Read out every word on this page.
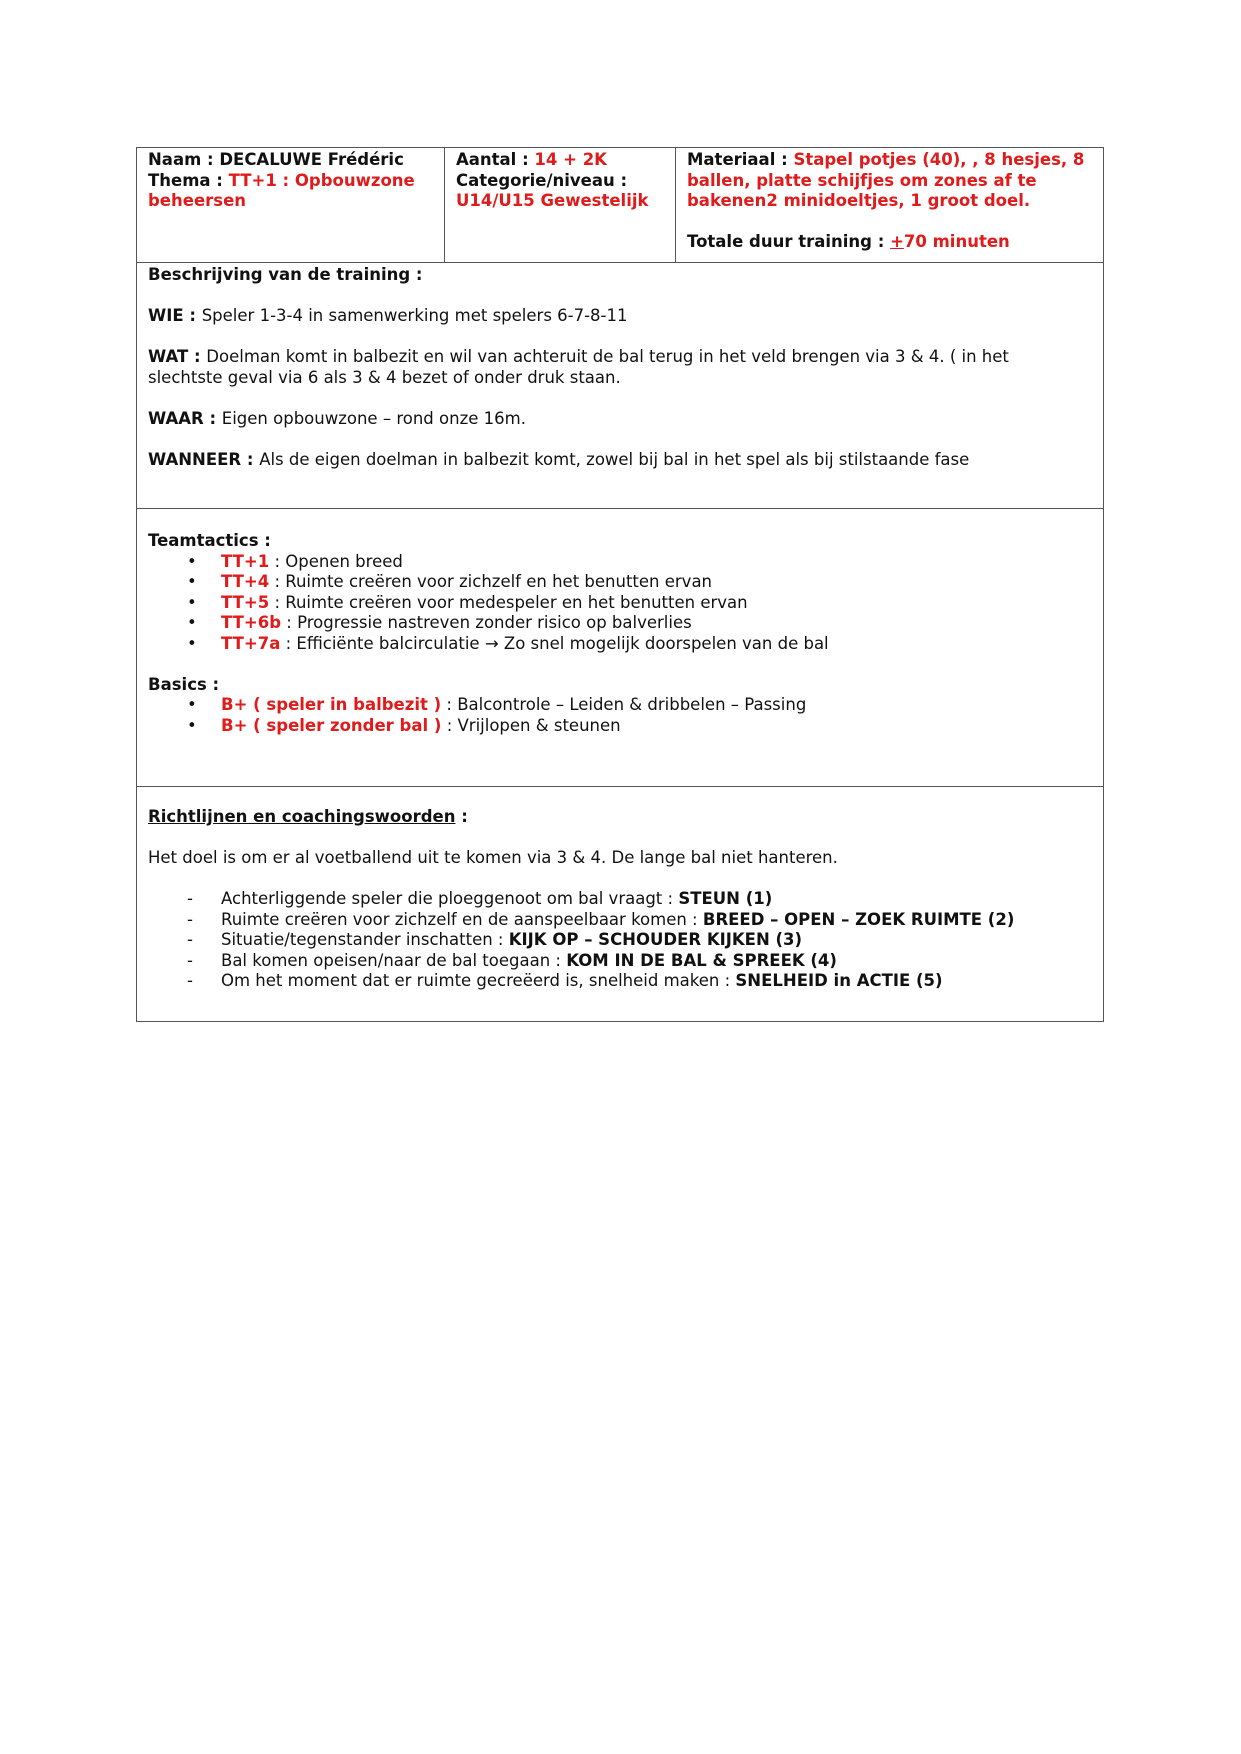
Naam : DECALUWE Frédéric
Thema : TT+1 : Opbouwzone
beheersen
Aantal : 14 + 2K
Categorie/niveau :
U14/U15 Gewestelijk
Materiaal : Stapel potjes (40), , 8 hesjes, 8
ballen, platte schijfjes om zones af te
bakenen2 minidoeltjes, 1 groot doel.
Totale duur training : +70 minuten
Beschrijving van de training :
WIE : Speler 1-3-4 in samenwerking met spelers 6-7-8-11
WAT : Doelman komt in balbezit en wil van achteruit de bal terug in het veld brengen via 3 & 4. ( in het
slechtste geval via 6 als 3 & 4 bezet of onder druk staan.
WAAR : Eigen opbouwzone – rond onze 16m.
WANNEER : Als de eigen doelman in balbezit komt, zowel bij bal in het spel als bij stilstaande fase
Teamtactics :
• TT+1 : Openen breed
• TT+4 : Ruimte creëren voor zichzelf en het benutten ervan
• TT+5 : Ruimte creëren voor medespeler en het benutten ervan
• TT+6b : Progressie nastreven zonder risico op balverlies
• TT+7a : Efficiënte balcirculatie → Zo snel mogelijk doorspelen van de bal
Basics :
• B+ ( speler in balbezit ) : Balcontrole – Leiden & dribbelen – Passing
• B+ ( speler zonder bal ) : Vrijlopen & steunen
Richtlijnen en coachingswoorden :
Het doel is om er al voetballend uit te komen via 3 & 4. De lange bal niet hanteren.
- Achterliggende speler die ploeggenoot om bal vraagt : STEUN (1)
- Ruimte creëren voor zichzelf en de aanspeelbaar komen : BREED – OPEN – ZOEK RUIMTE (2)
- Situatie/tegenstander inschatten : KIJK OP – SCHOUDER KIJKEN (3)
- Bal komen opeisen/naar de bal toegaan : KOM IN DE BAL & SPREEK (4)
- Om het moment dat er ruimte gecreëerd is, snelheid maken : SNELHEID in ACTIE (5)
